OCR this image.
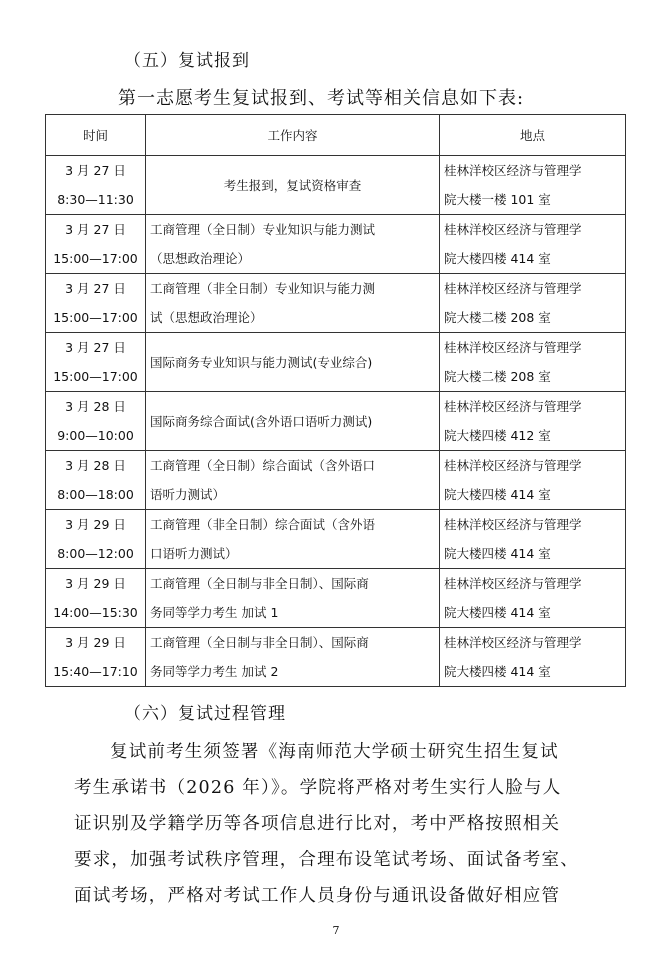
（五）复试报到
第一志愿考生复试报到、考试等相关信息如下表:
时间	工作内容	地点

3 月 27 日
8:30—11:30	考生报到，复试资格审查	桂林洋校区经济与管理学
院大楼一楼 101 室

3 月 27 日
15:00—17:00	工商管理（全日制）专业知识与能力测试
（思想政治理论）	桂林洋校区经济与管理学
院大楼四楼 414 室

3 月 27 日
15:00—17:00	工商管理（非全日制）专业知识与能力测
试（思想政治理论）	桂林洋校区经济与管理学
院大楼二楼 208 室

3 月 27 日
15:00—17:00	国际商务专业知识与能力测试(专业综合)	桂林洋校区经济与管理学
院大楼二楼 208 室

3 月 28 日
9:00—10:00	国际商务综合面试(含外语口语听力测试)	桂林洋校区经济与管理学
院大楼四楼 412 室

3 月 28 日
8:00—18:00	工商管理（全日制）综合面试（含外语口
语听力测试）	桂林洋校区经济与管理学
院大楼四楼 414 室

3 月 29 日
8:00—12:00	工商管理（非全日制）综合面试（含外语
口语听力测试）	桂林洋校区经济与管理学
院大楼四楼 414 室

3 月 29 日
14:00—15:30	工商管理（全日制与非全日制）、国际商
务同等学力考生 加试 1	桂林洋校区经济与管理学
院大楼四楼 414 室

3 月 29 日
15:40—17:10	工商管理（全日制与非全日制）、国际商
务同等学力考生 加试 2	桂林洋校区经济与管理学
院大楼四楼 414 室
（六）复试过程管理
复试前考生须签署《海南师范大学硕士研究生招生复试
考生承诺书（2026 年）》。学院将严格对考生实行人脸与人
证识别及学籍学历等各项信息进行比对，考中严格按照相关
要求，加强考试秩序管理，合理布设笔试考场、面试备考室、
面试考场，严格对考试工作人员身份与通讯设备做好相应管
7
